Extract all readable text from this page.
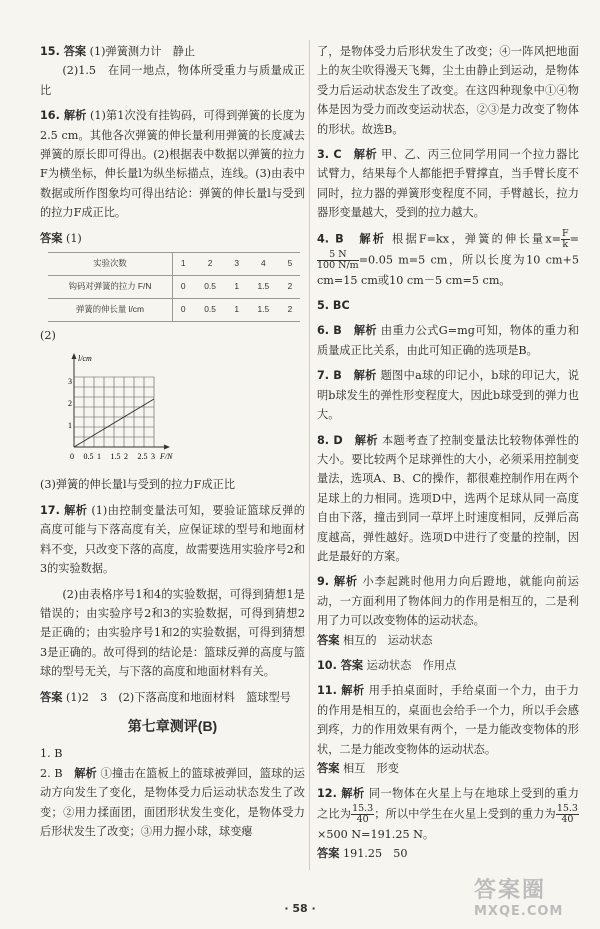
15. 答案 (1)弹簧测力计　静止

(2)1.5　在同一地点，物体所受重力与质量成正比

16. 解析 (1)第1次没有挂钩码，可得到弹簧的长度为2.5 cm。其他各次弹簧的伸长量利用弹簧的长度减去弹簧的原长即可得出。(2)根据表中数据以弹簧的拉力F为横坐标，伸长量l为纵坐标描点，连线。(3)由表中数据或所作图象均可得出结论：弹簧的伸长量l与受到的拉力F成正比。

答案 (1)

实验次数	1	2	3	4	5
钩码对弹簧的拉力 F/N	0	0.5	1	1.5	2
弹簧的伸长量 l/cm	0	0.5	1	1.5	2

(2)

l/cm
F/N
1
2
3
0 0.5 1 1.5 2 2.5 3

(3)弹簧的伸长量l与受到的拉力F成正比

17. 解析 (1)由控制变量法可知，要验证篮球反弹的高度可能与下落高度有关，应保证球的型号和地面材料不变，只改变下落的高度，故需要选用实验序号2和3的实验数据。

(2)由表格序号1和4的实验数据，可得到猜想1是错误的；由实验序号2和3的实验数据，可得到猜想2是正确的；由实验序号1和2的实验数据，可得到猜想3是正确的。故可得到的结论是：篮球反弹的高度与篮球的型号无关，与下落的高度和地面材料有关。

答案 (1)2　3　(2)下落高度和地面材料　篮球型号

第七章测评(B)

1. B

2. B　 解析 ①撞击在篮板上的篮球被弹回，篮球的运动方向发生了变化，是物体受力后运动状态发生了改变；②用力揉面团，面团形状发生变化，是物体受力后形状发生了改变；③用力握小球，球变瘪

了，是物体受力后形状发生了改变；④一阵风把地面上的灰尘吹得漫天飞舞，尘土由静止到运动，是物体受力后运动状态发生了改变。在这四种现象中①④物体是因为受力而改变运动状态，②③是力改变了物体的形状。故选B。

3. C　 解析 甲、乙、丙三位同学用同一个拉力器比试臂力，结果每个人都能把手臂撑直，当手臂长度不同时，拉力器的弹簧形变程度不同，手臂越长，拉力器形变量越大，受到的拉力越大。

4. B　 解析 根据F=kx，弹簧的伸长量$x= \frac{F}{k}$ =
$\frac{5 N}{100 N/m} =0.05$ m=5 cm，所以长度为10 cm+5 cm=15 cm或10 cm－5 cm=5 cm。

5. BC

6. B　 解析 由重力公式G=mg可知，物体的重力和质量成正比关系，由此可知正确的选项是B。

7. B　 解析 题图中a球的印记小，b球的印记大，说明b球发生的弹性形变程度大，因此b球受到的弹力也大。

8. D　 解析 本题考查了控制变量法比较物体弹性的大小。要比较两个足球弹性的大小，必须采用控制变量法，选项A、B、C的操作，都很难控制作用在两个足球上的力相同。选项D中，选两个足球从同一高度自由下落，撞击到同一草坪上时速度相同，反弹后高度越高，弹性越好。选项D中进行了变量的控制，因此是最好的方案。

9. 解析 小李起跳时他用力向后蹬地，就能向前运动，一方面利用了物体间力的作用是相互的，二是利用了力可以改变物体的运动状态。

答案 相互的　运动状态

10. 答案 运动状态　作用点

11. 解析 用手拍桌面时，手给桌面一个力，由于力的作用是相互的，桌面也会给手一个力，所以手会感到疼，力的作用效果有两个，一是力能改变物体的形状，二是力能改变物体的运动状态。

答案 相互　形变

12. 解析 同一物体在火星上与在地球上受到的重力之比为 $\frac{15.3}{40}$ ；所以中学生在火星上受到的重力为 $\frac{15.3}{40}$
×500 N=191.25 N。

答案 191.25　50

· 58 ·
答案圈
MXQE.COM
